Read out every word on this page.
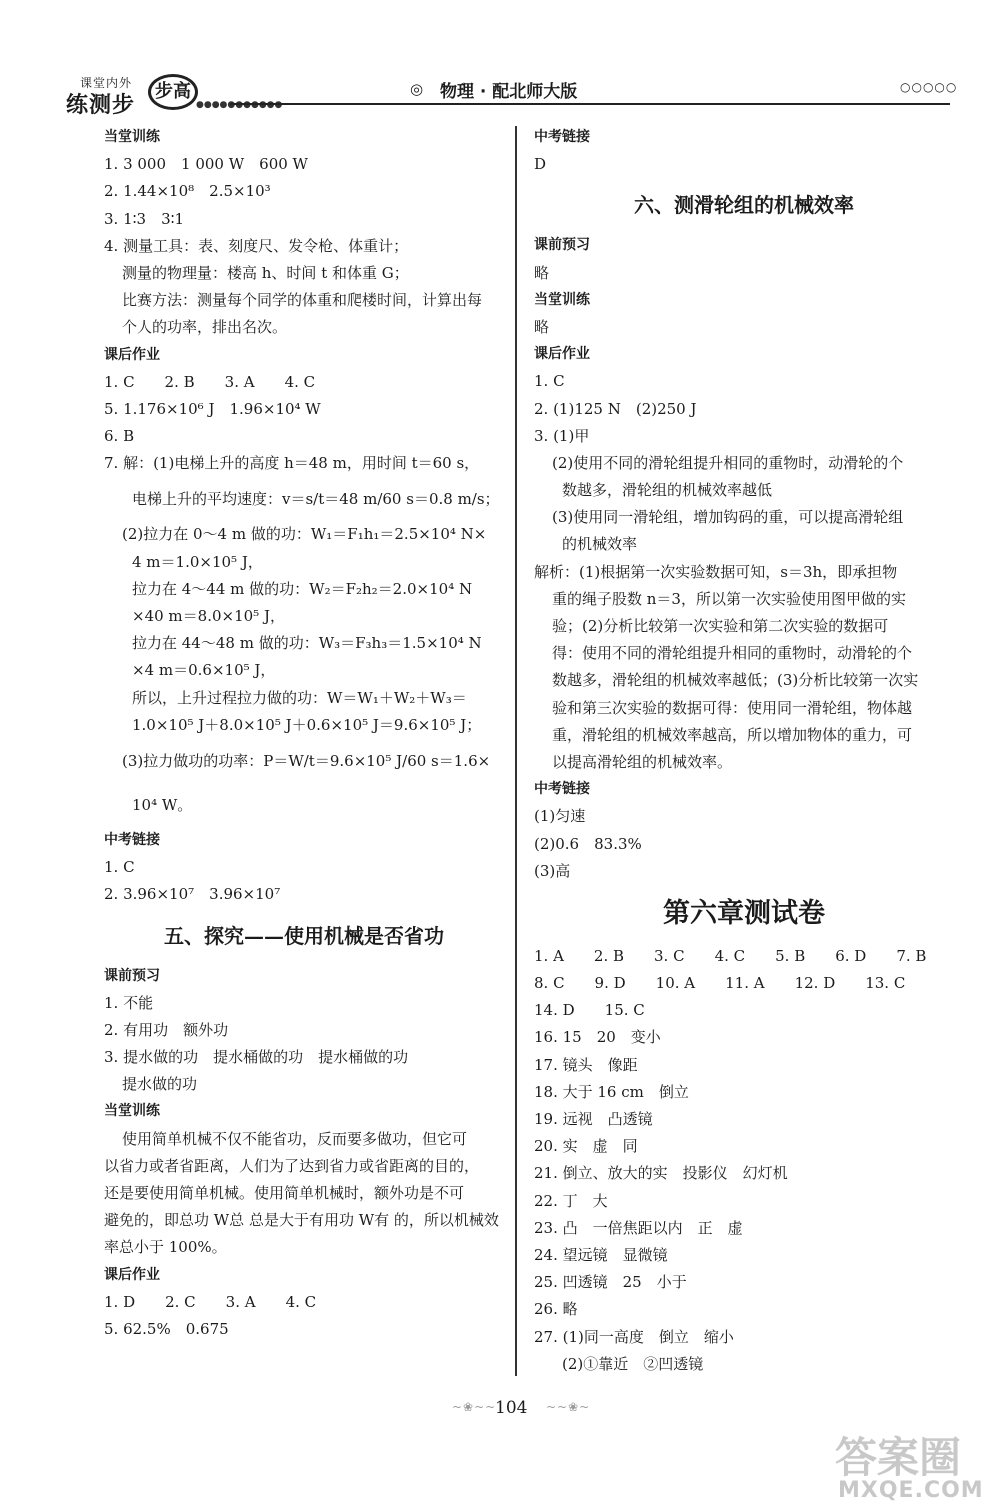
课堂内外
练测步
步高
●●●●●●●●●●●
◎ 物理 · 配北师大版	○○○○○
当堂训练
1. 3 000　1 000 W　600 W
2. 1.44×10⁸　2.5×10³
3. 1∶3　3∶1
4. 测量工具：表、刻度尺、发令枪、体重计；
测量的物理量：楼高 h、时间 t 和体重 G；
比赛方法：测量每个同学的体重和爬楼时间，计算出每
个人的功率，排出名次。
课后作业
1. C　　2. B　　3. A　　4. C
5. 1.176×10⁶ J　1.96×10⁴ W
6. B
7. 解：(1)电梯上升的高度 h＝48 m，用时间 t＝60 s，
电梯上升的平均速度：v＝s/t＝48 m/60 s＝0.8 m/s；
(2)拉力在 0～4 m 做的功：W₁＝F₁h₁＝2.5×10⁴ N×
4 m＝1.0×10⁵ J，
拉力在 4～44 m 做的功：W₂＝F₂h₂＝2.0×10⁴ N
×40 m＝8.0×10⁵ J，
拉力在 44～48 m 做的功：W₃＝F₃h₃＝1.5×10⁴ N
×4 m＝0.6×10⁵ J，
所以，上升过程拉力做的功：W＝W₁＋W₂＋W₃＝
1.0×10⁵ J＋8.0×10⁵ J＋0.6×10⁵ J＝9.6×10⁵ J；
(3)拉力做功的功率：P＝W/t＝9.6×10⁵ J/60 s＝1.6×
10⁴ W。
中考链接
1. C
2. 3.96×10⁷　3.96×10⁷
五、探究——使用机械是否省功
课前预习
1. 不能
2. 有用功　额外功
3. 提水做的功　提水桶做的功　提水桶做的功
提水做的功
当堂训练
使用简单机械不仅不能省功，反而要多做功，但它可
以省力或者省距离，人们为了达到省力或省距离的目的，
还是要使用简单机械。使用简单机械时，额外功是不可
避免的，即总功 W总 总是大于有用功 W有 的，所以机械效
率总小于 100%。
课后作业
1. D　　2. C　　3. A　　4. C
5. 62.5%　0.675
中考链接
D
六、测滑轮组的机械效率
课前预习
略
当堂训练
略
课后作业
1. C
2. (1)125 N　(2)250 J
3. (1)甲
(2)使用不同的滑轮组提升相同的重物时，动滑轮的个
数越多，滑轮组的机械效率越低
(3)使用同一滑轮组，增加钩码的重，可以提高滑轮组
的机械效率
解析：(1)根据第一次实验数据可知，s＝3h，即承担物
重的绳子股数 n＝3，所以第一次实验使用图甲做的实
验；(2)分析比较第一次实验和第二次实验的数据可
得：使用不同的滑轮组提升相同的重物时，动滑轮的个
数越多，滑轮组的机械效率越低；(3)分析比较第一次实
验和第三次实验的数据可得：使用同一滑轮组，物体越
重，滑轮组的机械效率越高，所以增加物体的重力，可
以提高滑轮组的机械效率。
中考链接
(1)匀速
(2)0.6　83.3%
(3)高
第六章测试卷
1. A　　2. B　　3. C　　4. C　　5. B　　6. D　　7. B
8. C　　9. D　　10. A　　11. A　　12. D　　13. C
14. D　　15. C
16. 15　20　变小
17. 镜头　像距
18. 大于 16 cm　倒立
19. 远视　凸透镜
20. 实　虚　同
21. 倒立、放大的实　投影仪　幻灯机
22. 丁　大
23. 凸　一倍焦距以内　正　虚
24. 望远镜　显微镜
25. 凹透镜　25　小于
26. 略
27. (1)同一高度　倒立　缩小
(2)①靠近　②凹透镜
~❀~~
104 ~~❀~
答案圈
MXQE.COM
